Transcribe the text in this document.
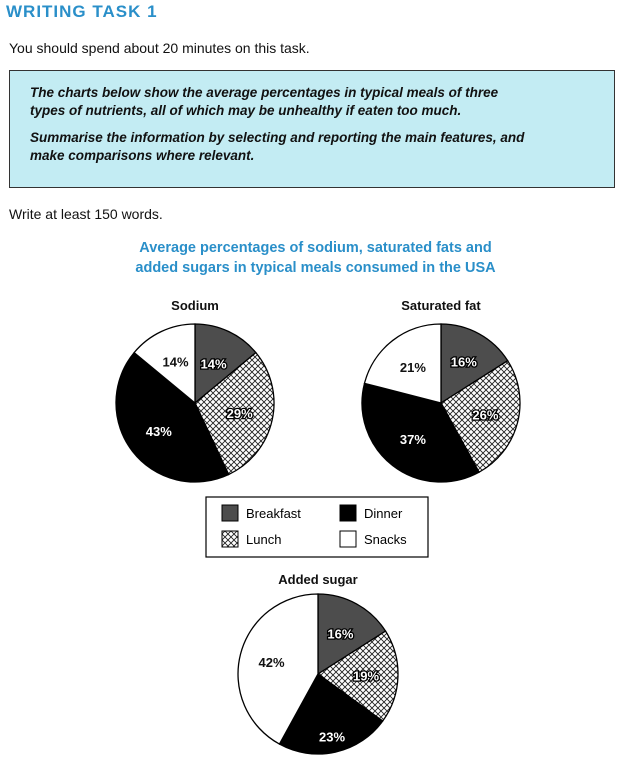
WRITING TASK 1
You should spend about 20 minutes on this task.

The charts below show the average percentages in typical meals of three

types of nutrients, all of which may be unhealthy if eaten too much.

Summarise the information by selecting and reporting the main features, and

make comparisons where relevant.

Write at least 150 words.
Average percentages of sodium, saturated fats and
added sugars in typical meals consumed in the USA
Breakfast	Dinner
Lunch	Snacks
Sodium
14%
29%
43%
14%
Saturated fat
16%
26%
37%
21%
Added sugar
16%
19%
23%
42%
